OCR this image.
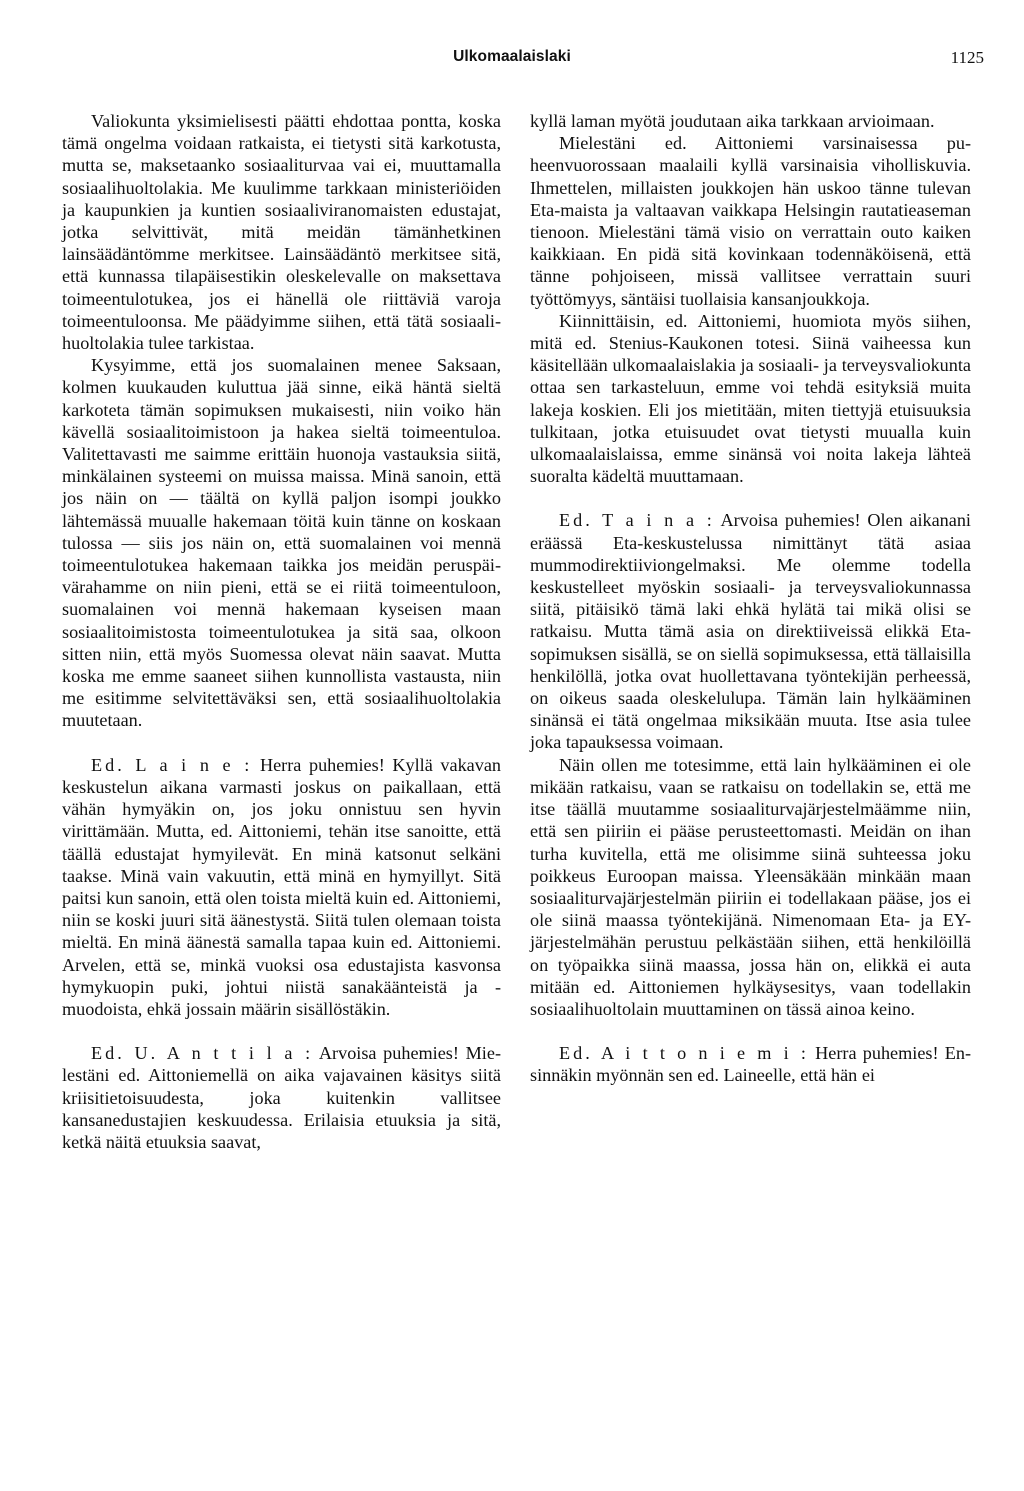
Ulkomaalaislaki	1125

Valiokunta yksimielisesti päätti ehdottaa pontta, koska tämä ongelma voidaan ratkaista, ei tietysti sitä karkotusta, mutta se, maksetaanko sosiaaliturvaa vai ei, muuttamalla sosiaalihuoltolakia. Me kuulimme tarkkaan ministeriöiden ja kaupunkien ja kuntien sosiaaliviranomaisten edustajat, jotka selvittivät, mitä meidän tämänhetkinen lainsäädäntömme merkitsee. Lainsäädäntö merkitsee sitä, että kunnassa tilapäisestikin oleskelevalle on maksettava toimeentulotukea, jos ei hänellä ole riittäviä varoja toimeentuloonsa. Me päädyimme siihen, että tätä sosiaalihuoltolakia tulee tarkistaa.

Kysyimme, että jos suomalainen menee Saksaan, kolmen kuukauden kuluttua jää sinne, eikä häntä sieltä karkoteta tämän sopimuksen mukaisesti, niin voiko hän kävellä sosiaalitoimistoon ja hakea sieltä toimeentuloa. Valitettavasti me saimme erittäin huonoja vastauksia siitä, minkälainen systeemi on muissa maissa. Minä sanoin, että jos näin on — täältä on kyllä paljon isompi joukko lähtemässä muualle hakemaan töitä kuin tänne on koskaan tulossa — siis jos näin on, että suomalainen voi mennä toimeentulotukea hakemaan taikka jos meidän peruspäivärahamme on niin pieni, että se ei riitä toimeentuloon, suomalainen voi mennä hakemaan kyseisen maan sosiaalitoimistosta toimeentulotukea ja sitä saa, olkoon sitten niin, että myös Suomessa olevat näin saavat. Mutta koska me emme saaneet siihen kunnollista vastausta, niin me esitimme selvitettäväksi sen, että sosiaalihuoltolakia muutetaan.

Ed. L a i n e : Herra puhemies! Kyllä vakavan keskustelun aikana varmasti joskus on paikallaan, että vähän hymyäkin on, jos joku onnistuu sen hyvin virittämään. Mutta, ed. Aittoniemi, tehän itse sanoitte, että täällä edustajat hymyilevät. En minä katsonut selkäni taakse. Minä vain vakuutin, että minä en hymyillyt. Sitä paitsi kun sanoin, että olen toista mieltä kuin ed. Aittoniemi, niin se koski juuri sitä äänestystä. Siitä tulen olemaan toista mieltä. En minä äänestä samalla tapaa kuin ed. Aittoniemi. Arvelen, että se, minkä vuoksi osa edustajista kasvonsa hymykuopin puki, johtui niistä sanakäänteistä ja -muodoista, ehkä jossain määrin sisällöstäkin.

Ed. U. A n t t i l a : Arvoisa puhemies! Mielestäni ed. Aittoniemellä on aika vajavainen käsitys siitä kriisitietoisuudesta, joka kuitenkin vallitsee kansanedustajien keskuudessa. Erilaisia etuuksia ja sitä, ketkä näitä etuuksia saavat,

kyllä laman myötä joudutaan aika tarkkaan arvioimaan.

Mielestäni ed. Aittoniemi varsinaisessa puheenvuorossaan maalaili kyllä varsinaisia viholliskuvia. Ihmettelen, millaisten joukkojen hän uskoo tänne tulevan Eta-maista ja valtaavan vaikkapa Helsingin rautatieaseman tienoon. Mielestäni tämä visio on verrattain outo kaiken kaikkiaan. En pidä sitä kovinkaan todennäköisenä, että tänne pohjoiseen, missä vallitsee verrattain suuri työttömyys, säntäisi tuollaisia kansanjoukkoja.

Kiinnittäisin, ed. Aittoniemi, huomiota myös siihen, mitä ed. Stenius-Kaukonen totesi. Siinä vaiheessa kun käsitellään ulkomaalaislakia ja sosiaali- ja terveysvaliokunta ottaa sen tarkasteluun, emme voi tehdä esityksiä muita lakeja koskien. Eli jos mietitään, miten tiettyjä etuisuuksia tulkitaan, jotka etuisuudet ovat tietysti muualla kuin ulkomaalaislaissa, emme sinänsä voi noita lakeja lähteä suoralta kädeltä muuttamaan.

Ed. T a i n a : Arvoisa puhemies! Olen aikanani eräässä Eta-keskustelussa nimittänyt tätä asiaa mummodirektiiviongelmaksi. Me olemme todella keskustelleet myöskin sosiaali- ja terveysvaliokunnassa siitä, pitäisikö tämä laki ehkä hylätä tai mikä olisi se ratkaisu. Mutta tämä asia on direktiiveissä elikkä Eta-sopimuksen sisällä, se on siellä sopimuksessa, että tällaisilla henkilöllä, jotka ovat huollettavana työntekijän perheessä, on oikeus saada oleskelulupa. Tämän lain hylkääminen sinänsä ei tätä ongelmaa miksikään muuta. Itse asia tulee joka tapauksessa voimaan.

Näin ollen me totesimme, että lain hylkääminen ei ole mikään ratkaisu, vaan se ratkaisu on todellakin se, että me itse täällä muutamme sosiaaliturvajärjestelmäämme niin, että sen piiriin ei pääse perusteettomasti. Meidän on ihan turha kuvitella, että me olisimme siinä suhteessa joku poikkeus Euroopan maissa. Yleensäkään minkään maan sosiaaliturvajärjestelmän piiriin ei todellakaan pääse, jos ei ole siinä maassa työntekijänä. Nimenomaan Eta- ja EY-järjestelmähän perustuu pelkästään siihen, että henkilöillä on työpaikka siinä maassa, jossa hän on, elikkä ei auta mitään ed. Aittoniemen hylkäysesitys, vaan todellakin sosiaalihuoltolain muuttaminen on tässä ainoa keino.

Ed. A i t t o n i e m i : Herra puhemies! Ensinnäkin myönnän sen ed. Laineelle, että hän ei
